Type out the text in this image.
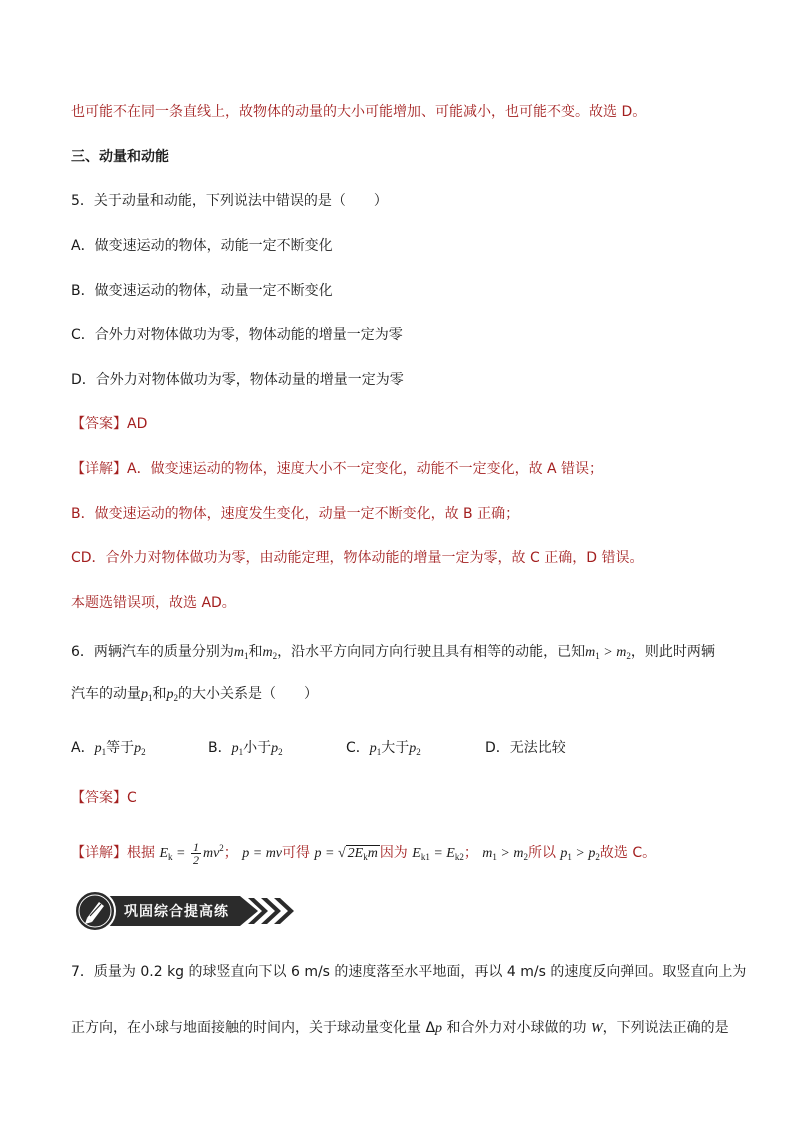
也可能不在同一条直线上，故物体的动量的大小可能增加、可能减小，也可能不变。故选 D。
三、动量和动能
5．关于动量和动能，下列说法中错误的是（　　）
A．做变速运动的物体，动能一定不断变化
B．做变速运动的物体，动量一定不断变化
C．合外力对物体做功为零，物体动能的增量一定为零
D．合外力对物体做功为零，物体动量的增量一定为零
【答案】AD
【详解】A．做变速运动的物体，速度大小不一定变化，动能不一定变化，故 A 错误；
B．做变速运动的物体，速度发生变化，动量一定不断变化，故 B 正确；
CD．合外力对物体做功为零，由动能定理，物体动能的增量一定为零，故 C 正确，D 错误。
本题选错误项，故选 AD。
6．两辆汽车的质量分别为$m_1$和$m_2$，沿水平方向同方向行驶且具有相等的动能，已知$m_1 > m_2$，则此时两辆
汽车的动量$p_1$和$p_2$的大小关系是（　　）
A．$p_1$等于$p_2$	B．$p_1$小于$p_2$	C．$p_1$大于$p_2$	D．无法比较
【答案】C
【详解】根据 $E_k = \frac{1}{2} mv^2$； p = mv可得 p = √ $2E_km$ 因为 $E_{k1} = E_{k2}$； $m_1 > m_2$所以 $p_1 > p_2$故选 C。
巩固综合提高练
7．质量为 0.2 kg 的球竖直向下以 6 m/s 的速度落至水平地面，再以 4 m/s 的速度反向弹回。取竖直向上为
正方向，在小球与地面接触的时间内，关于球动量变化量 Δp 和合外力对小球做的功 W，下列说法正确的是
